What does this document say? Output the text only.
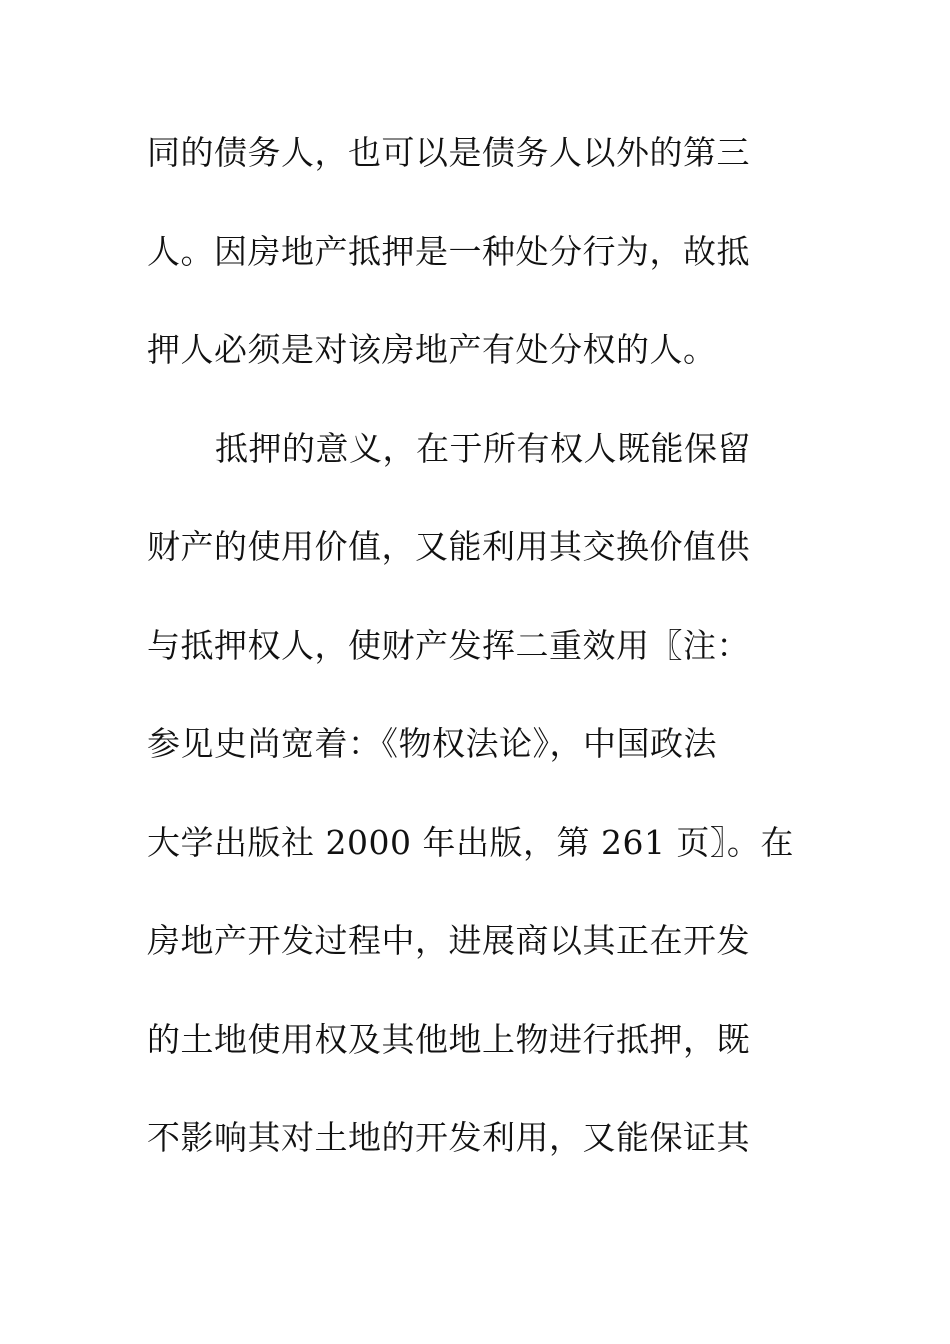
同的债务人，也可以是债务人以外的第三
人。因房地产抵押是一种处分行为，故抵
押人必须是对该房地产有处分权的人。
抵押的意义，在于所有权人既能保留
财产的使用价值，又能利用其交换价值供
与抵押权人，使财产发挥二重效用〖注：
参见史尚宽着：《物权法论》，中国政法
大学出版社 2000 年出版，第 261 页〗。在
房地产开发过程中，进展商以其正在开发
的土地使用权及其他地上物进行抵押，既
不影响其对土地的开发利用，又能保证其
